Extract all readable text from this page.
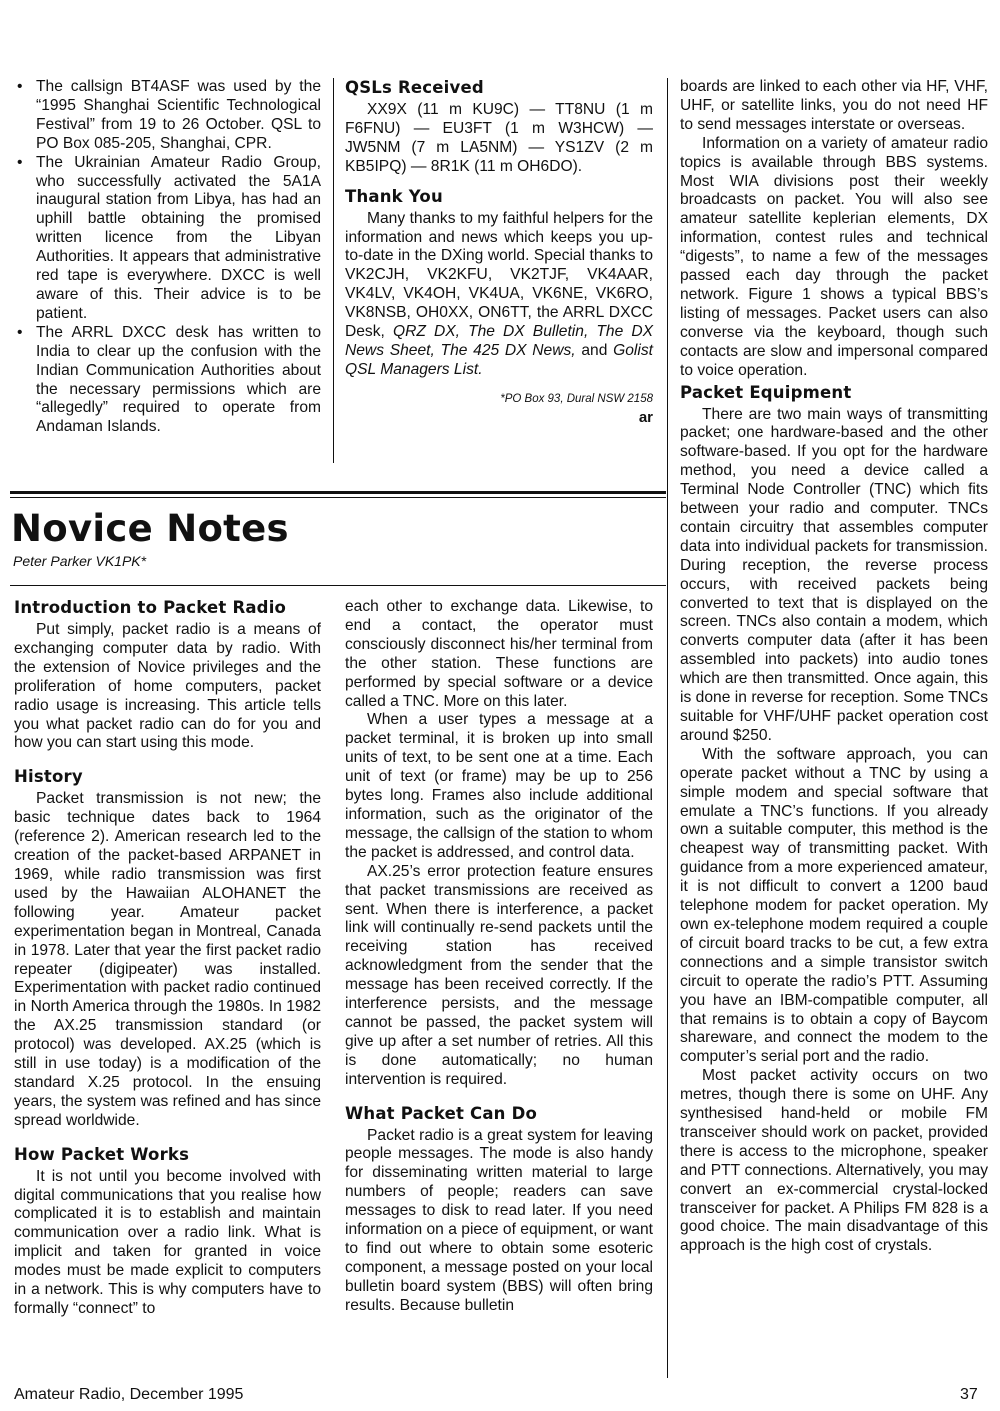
• The callsign BT4ASF was used by the “1995 Shanghai Scientific Technological Festival” from 19 to 26 October. QSL to PO Box 085-205, Shanghai, CPR.
• The Ukrainian Amateur Radio Group, who successfully activated the 5A1A inaugural station from Libya, has had an uphill battle obtaining the promised written licence from the Libyan Authorities. It appears that administrative red tape is everywhere. DXCC is well aware of this. Their advice is to be patient.
• The ARRL DXCC desk has written to India to clear up the confusion with the Indian Communication Authorities about the necessary permissions which are “allegedly” required to operate from Andaman Islands.
QSLs Received

XX9X (11 m KU9C) — TT8NU (1 m F6FNU) — EU3FT (1 m W3HCW) — JW5NM (7 m LA5NM) — YS1ZV (2 m KB5IPQ) — 8R1K (11 m OH6DO).

Thank You

Many thanks to my faithful helpers for the information and news which keeps you up-to-date in the DXing world. Special thanks to VK2CJH, VK2KFU, VK2TJF, VK4AAR, VK4LV, VK4OH, VK4UA, VK6NE, VK6RO, VK8NSB, OH0XX, ON6TT, the ARRL DXCC Desk, QRZ DX, The DX Bulletin, The DX News Sheet, The 425 DX News, and Golist QSL Managers List.

*PO Box 93, Dural NSW 2158
ar

boards are linked to each other via HF, VHF, UHF, or satellite links, you do not need HF to send messages interstate or overseas.

Information on a variety of amateur radio topics is available through BBS systems. Most WIA divisions post their weekly broadcasts on packet. You will also see amateur satellite keplerian elements, DX information, contest rules and technical “digests”, to name a few of the messages passed each day through the packet network. Figure 1 shows a typical BBS’s listing of messages. Packet users can also converse via the keyboard, though such contacts are slow and impersonal compared to voice operation.

Packet Equipment

There are two main ways of transmitting packet; one hardware-based and the other software-based. If you opt for the hardware method, you need a device called a Terminal Node Controller (TNC) which fits between your radio and computer. TNCs contain circuitry that assembles computer data into individual packets for transmission. During reception, the reverse process occurs, with received packets being converted to text that is displayed on the screen. TNCs also contain a modem, which converts computer data (after it has been assembled into packets) into audio tones which are then transmitted. Once again, this is done in reverse for reception. Some TNCs suitable for VHF/UHF packet operation cost around $250.

With the software approach, you can operate packet without a TNC by using a simple modem and special software that emulate a TNC’s functions. If you already own a suitable computer, this method is the cheapest way of transmitting packet. With guidance from a more experienced amateur, it is not difficult to convert a 1200 baud telephone modem for packet operation. My own ex-telephone modem required a couple of circuit board tracks to be cut, a few extra connections and a simple transistor switch circuit to operate the radio’s PTT. Assuming you have an IBM-compatible computer, all that remains is to obtain a copy of Baycom shareware, and connect the modem to the computer’s serial port and the radio.

Most packet activity occurs on two metres, though there is some on UHF. Any synthesised hand-held or mobile FM transceiver should work on packet, provided there is access to the microphone, speaker and PTT connections. Alternatively, you may convert an ex-commercial crystal-locked transceiver for packet. A Philips FM 828 is a good choice. The main disadvantage of this approach is the high cost of crystals.

Novice Notes
Peter Parker VK1PK*
Introduction to Packet Radio

Put simply, packet radio is a means of exchanging computer data by radio. With the extension of Novice privileges and the proliferation of home computers, packet radio usage is increasing. This article tells you what packet radio can do for you and how you can start using this mode.

History

Packet transmission is not new; the basic technique dates back to 1964 (reference 2). American research led to the creation of the packet-based ARPANET in 1969, while radio transmission was first used by the Hawaiian ALOHANET the following year. Amateur packet experimentation began in Montreal, Canada in 1978. Later that year the first packet radio repeater (digipeater) was installed. Experimentation with packet radio continued in North America through the 1980s. In 1982 the AX.25 transmission standard (or protocol) was developed. AX.25 (which is still in use today) is a modification of the standard X.25 protocol. In the ensuing years, the system was refined and has since spread worldwide.

How Packet Works

It is not until you become involved with digital communications that you realise how complicated it is to establish and maintain communication over a radio link. What is implicit and taken for granted in voice modes must be made explicit to computers in a network. This is why computers have to formally “connect” to

each other to exchange data. Likewise, to end a contact, the operator must consciously disconnect his/her terminal from the other station. These functions are performed by special software or a device called a TNC. More on this later.

When a user types a message at a packet terminal, it is broken up into small units of text, to be sent one at a time. Each unit of text (or frame) may be up to 256 bytes long. Frames also include additional information, such as the originator of the message, the callsign of the station to whom the packet is addressed, and control data.

AX.25’s error protection feature ensures that packet transmissions are received as sent. When there is interference, a packet link will continually re-send packets until the receiving station has received acknowledgment from the sender that the message has been received correctly. If the interference persists, and the message cannot be passed, the packet system will give up after a set number of retries. All this is done automatically; no human intervention is required.

What Packet Can Do

Packet radio is a great system for leaving people messages. The mode is also handy for disseminating written material to large numbers of people; readers can save messages to disk to read later. If you need information on a piece of equipment, or want to find out where to obtain some esoteric component, a message posted on your local bulletin board system (BBS) will often bring results. Because bulletin

Amateur Radio, December 1995	37
